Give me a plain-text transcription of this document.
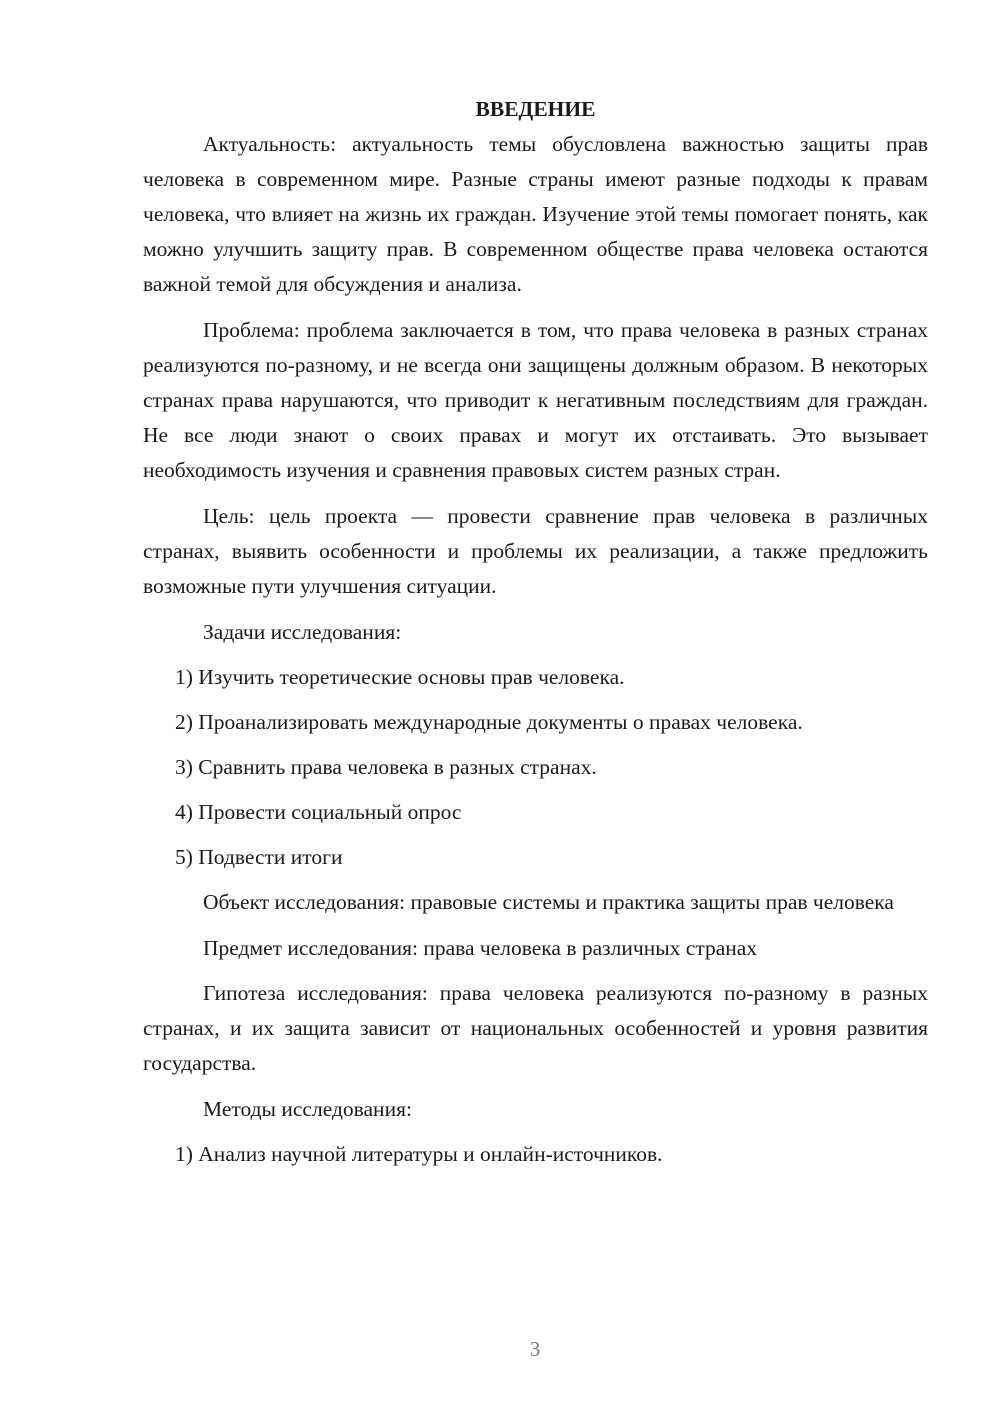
ВВЕДЕНИЕ

Актуальность: актуальность темы обусловлена важностью защиты прав человека в современном мире. Разные страны имеют разные подходы к правам человека, что влияет на жизнь их граждан. Изучение этой темы помогает понять, как можно улучшить защиту прав. В современном обществе права человека остаются важной темой для обсуждения и анализа.

Проблема: проблема заключается в том, что права человека в разных странах реализуются по-разному, и не всегда они защищены должным образом. В некоторых странах права нарушаются, что приводит к негативным последствиям для граждан. Не все люди знают о своих правах и могут их отстаивать. Это вызывает необходимость изучения и сравнения правовых систем разных стран.

Цель: цель проекта — провести сравнение прав человека в различных странах, выявить особенности и проблемы их реализации, а также предложить возможные пути улучшения ситуации.

Задачи исследования:
1) Изучить теоретические основы прав человека.
2) Проанализировать международные документы о правах человека.
3) Сравнить права человека в разных странах.
4) Провести социальный опрос
5) Подвести итоги

Объект исследования: правовые системы и практика защиты прав человека

Предмет исследования: права человека в различных странах

Гипотеза исследования: права человека реализуются по-разному в разных странах, и их защита зависит от национальных особенностей и уровня развития государства.

Методы исследования:
1) Анализ научной литературы и онлайн-источников.
3
